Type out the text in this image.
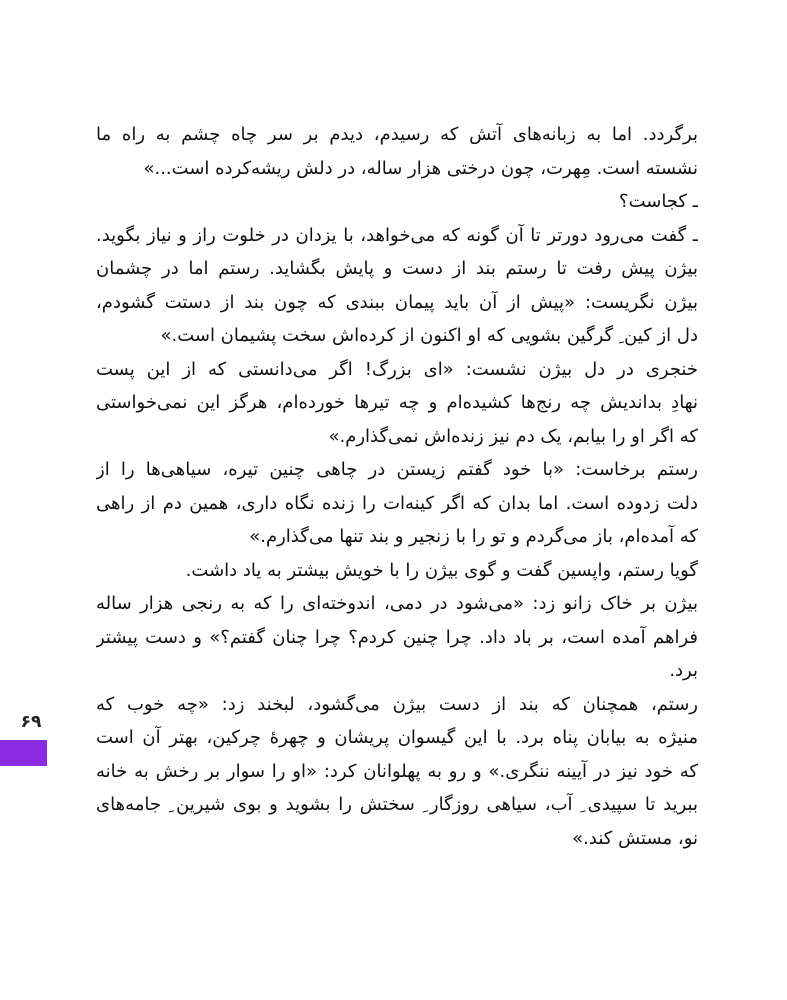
برگردد. اما به زبانه‌های آتش که رسیدم، دیدم بر سر چاه چشم به راه ما
نشسته است. مِهرت، چون درختی هزار ساله، در دلش ریشه‌کرده است...»
ـ کجاست؟
ـ گفت می‌رود دورتر تا آن گونه که می‌خواهد، با یزدان در خلوت راز و نیاز بگوید.
بیژن پیش رفت تا رستم بند از دست و پایش بگشاید. رستم اما در چشمان
بیژن نگریست: «پیش از آن باید پیمان ببندی که چون بند از دستت گشودم،
دل از کین ِ گرگین بشویی که او اکنون از کرده‌اش سخت پشیمان است.»
خنجری در دل بیژن نشست: «ای بزرگ! اگر می‌دانستی که از این پست
نهادِ بداندیش چه رنج‌ها کشیده‌ام و چه تیرها خورده‌ام، هرگز این نمی‌خواستی
که اگر او را بیابم، یک دم نیز زنده‌اش نمی‌گذارم.»
رستم برخاست: «با خود گفتم زیستن در چاهی چنین تیره، سیاهی‌ها را از
دلت زدوده است. اما بدان که اگر کینه‌ات را زنده نگاه داری، همین دم از راهی
که آمده‌ام، باز می‌گردم و تو را با زنجیر و بند تنها می‌گذارم.»
گویا رستم، واپسین گفت و گوی بیژن را با خویش بیشتر به یاد داشت.
بیژن بر خاک زانو زد: «می‌شود در دمی، اندوخته‌ای را که به رنجی هزار ساله
فراهم آمده است، بر باد داد. چرا چنین کردم؟ چرا چنان گفتم؟» و دست پیشتر
برد.
رستم، همچنان که بند از دست بیژن می‌گشود، لبخند زد: «چه خوب که
منیژه به بیابان پناه برد. با این گیسوان پریشان و چهرهٔ چرکین، بهتر آن است
که خود نیز در آیینه ننگری.» و رو به پهلوانان کرد: «او را سوار بر رخش به خانه
ببرید تا سپیدی ِ آب، سیاهی روزگار ِ سختش را بشوید و بوی شیرین ِ جامه‌های
نو، مستش کند.»
۶۹
